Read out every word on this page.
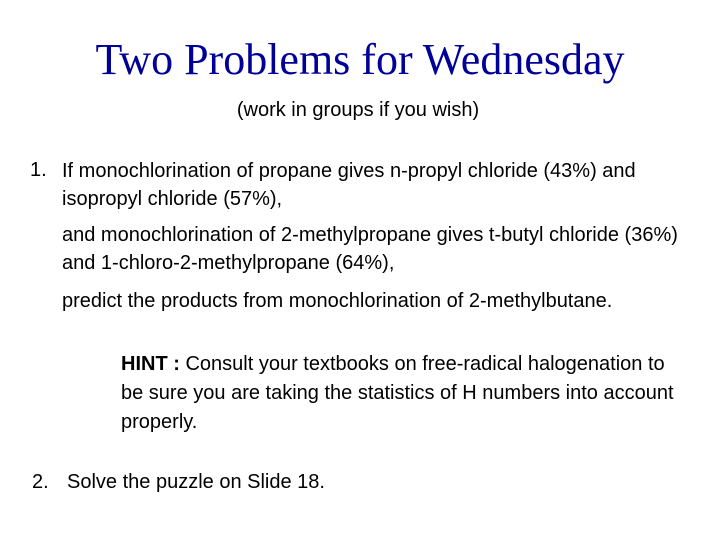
Two Problems for Wednesday
(work in groups if you wish)
1. If monochlorination of propane gives n-propyl chloride (43%) and isopropyl chloride (57%),
and monochlorination of 2-methylpropane gives t-butyl chloride (36%) and 1-chloro-2-methylpropane (64%),
predict the products from monochlorination of 2-methylbutane.
HINT : Consult your textbooks on free-radical halogenation to be sure you are taking the statistics of H numbers into account properly.
2. Solve the puzzle on Slide 18.
